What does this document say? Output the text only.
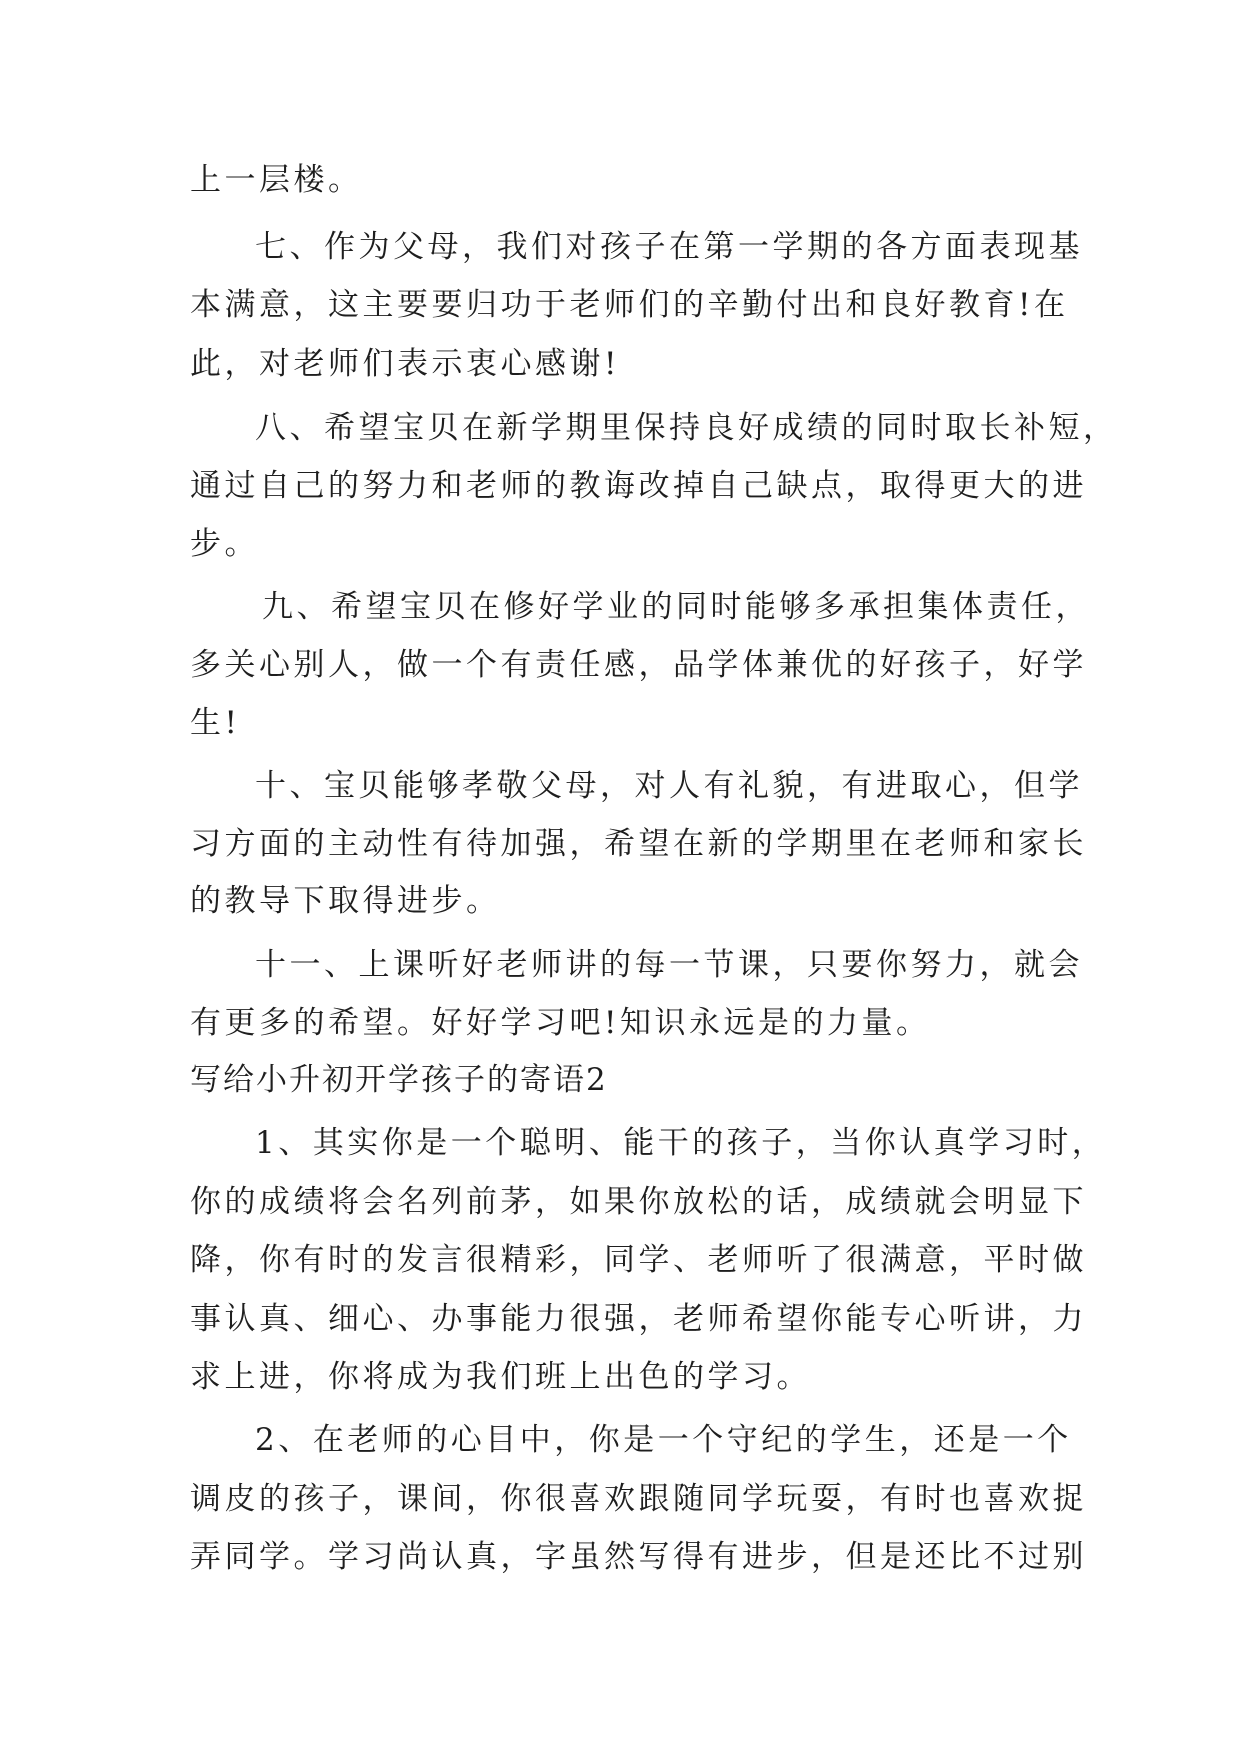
上一层楼。
七、作为父母，我们对孩子在第一学期的各方面表现基
本满意，这主要要归功于老师们的辛勤付出和良好教育!在
此，对老师们表示衷心感谢!
八、希望宝贝在新学期里保持良好成绩的同时取长补短，
通过自己的努力和老师的教诲改掉自己缺点，取得更大的进
步。
九、希望宝贝在修好学业的同时能够多承担集体责任，
多关心别人，做一个有责任感，品学体兼优的好孩子，好学
生!
十、宝贝能够孝敬父母，对人有礼貌，有进取心，但学
习方面的主动性有待加强，希望在新的学期里在老师和家长
的教导下取得进步。
十一、上课听好老师讲的每一节课，只要你努力，就会
有更多的希望。好好学习吧!知识永远是的力量。
写给小升初开学孩子的寄语2
1、其实你是一个聪明、能干的孩子，当你认真学习时，
你的成绩将会名列前茅，如果你放松的话，成绩就会明显下
降，你有时的发言很精彩，同学、老师听了很满意，平时做
事认真、细心、办事能力很强，老师希望你能专心听讲，力
求上进，你将成为我们班上出色的学习。
2、在老师的心目中，你是一个守纪的学生，还是一个
调皮的孩子，课间，你很喜欢跟随同学玩耍，有时也喜欢捉
弄同学。学习尚认真，字虽然写得有进步，但是还比不过别
